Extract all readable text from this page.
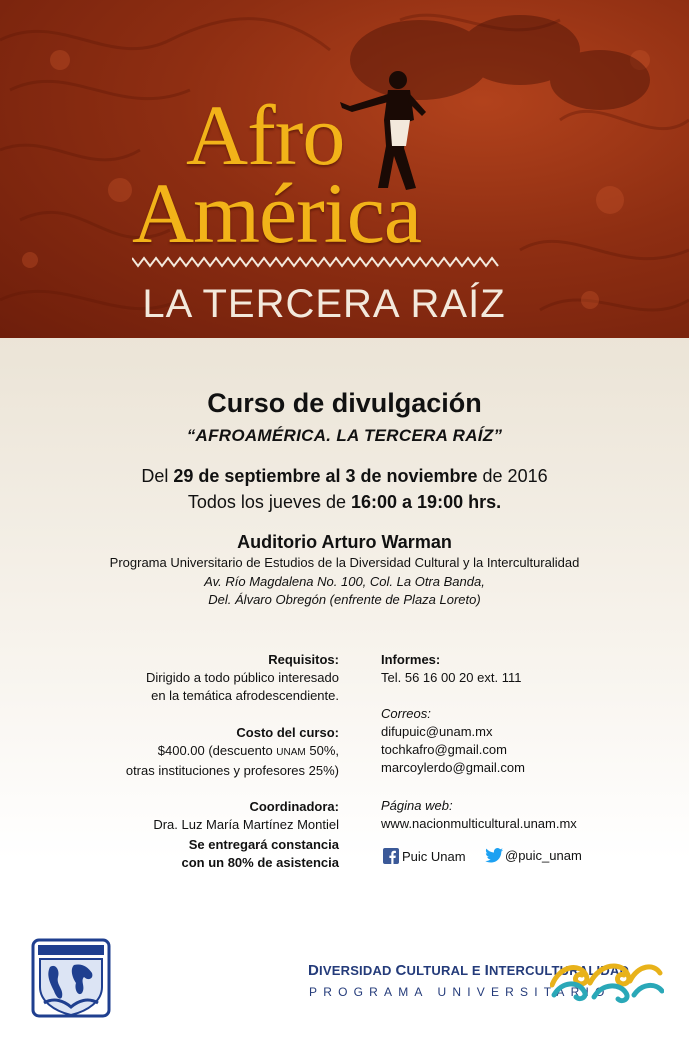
Afro
América
LA TERCERA RAÍZ
Curso de divulgación
“AFROAMÉRICA. LA TERCERA RAÍZ”
Del 29 de septiembre al 3 de noviembre de 2016
Todos los jueves de 16:00 a 19:00 hrs.
Auditorio Arturo Warman
Programa Universitario de Estudios de la Diversidad Cultural y la Interculturalidad
Av. Río Magdalena No. 100, Col. La Otra Banda,
Del. Álvaro Obregón (enfrente de Plaza Loreto)
Requisitos:
Dirigido a todo público interesado
en la temática afrodescendiente.
Costo del curso:
$400.00 (descuento UNAM 50%,
otras instituciones y profesores 25%)
Coordinadora:
Dra. Luz María Martínez Montiel
Se entregará constancia
con un 80% de asistencia
Informes:
Tel. 56 16 00 20 ext. 111
Correos:
difupuic@unam.mx
tochkafro@gmail.com
marcoylerdo@gmail.com
Página web:
www.nacionmulticultural.unam.mx
Puic Unam	@puic_unam
DIVERSIDAD CULTURAL E INTERCULTURALIDAD
PROGRAMA UNIVERSITARIO
